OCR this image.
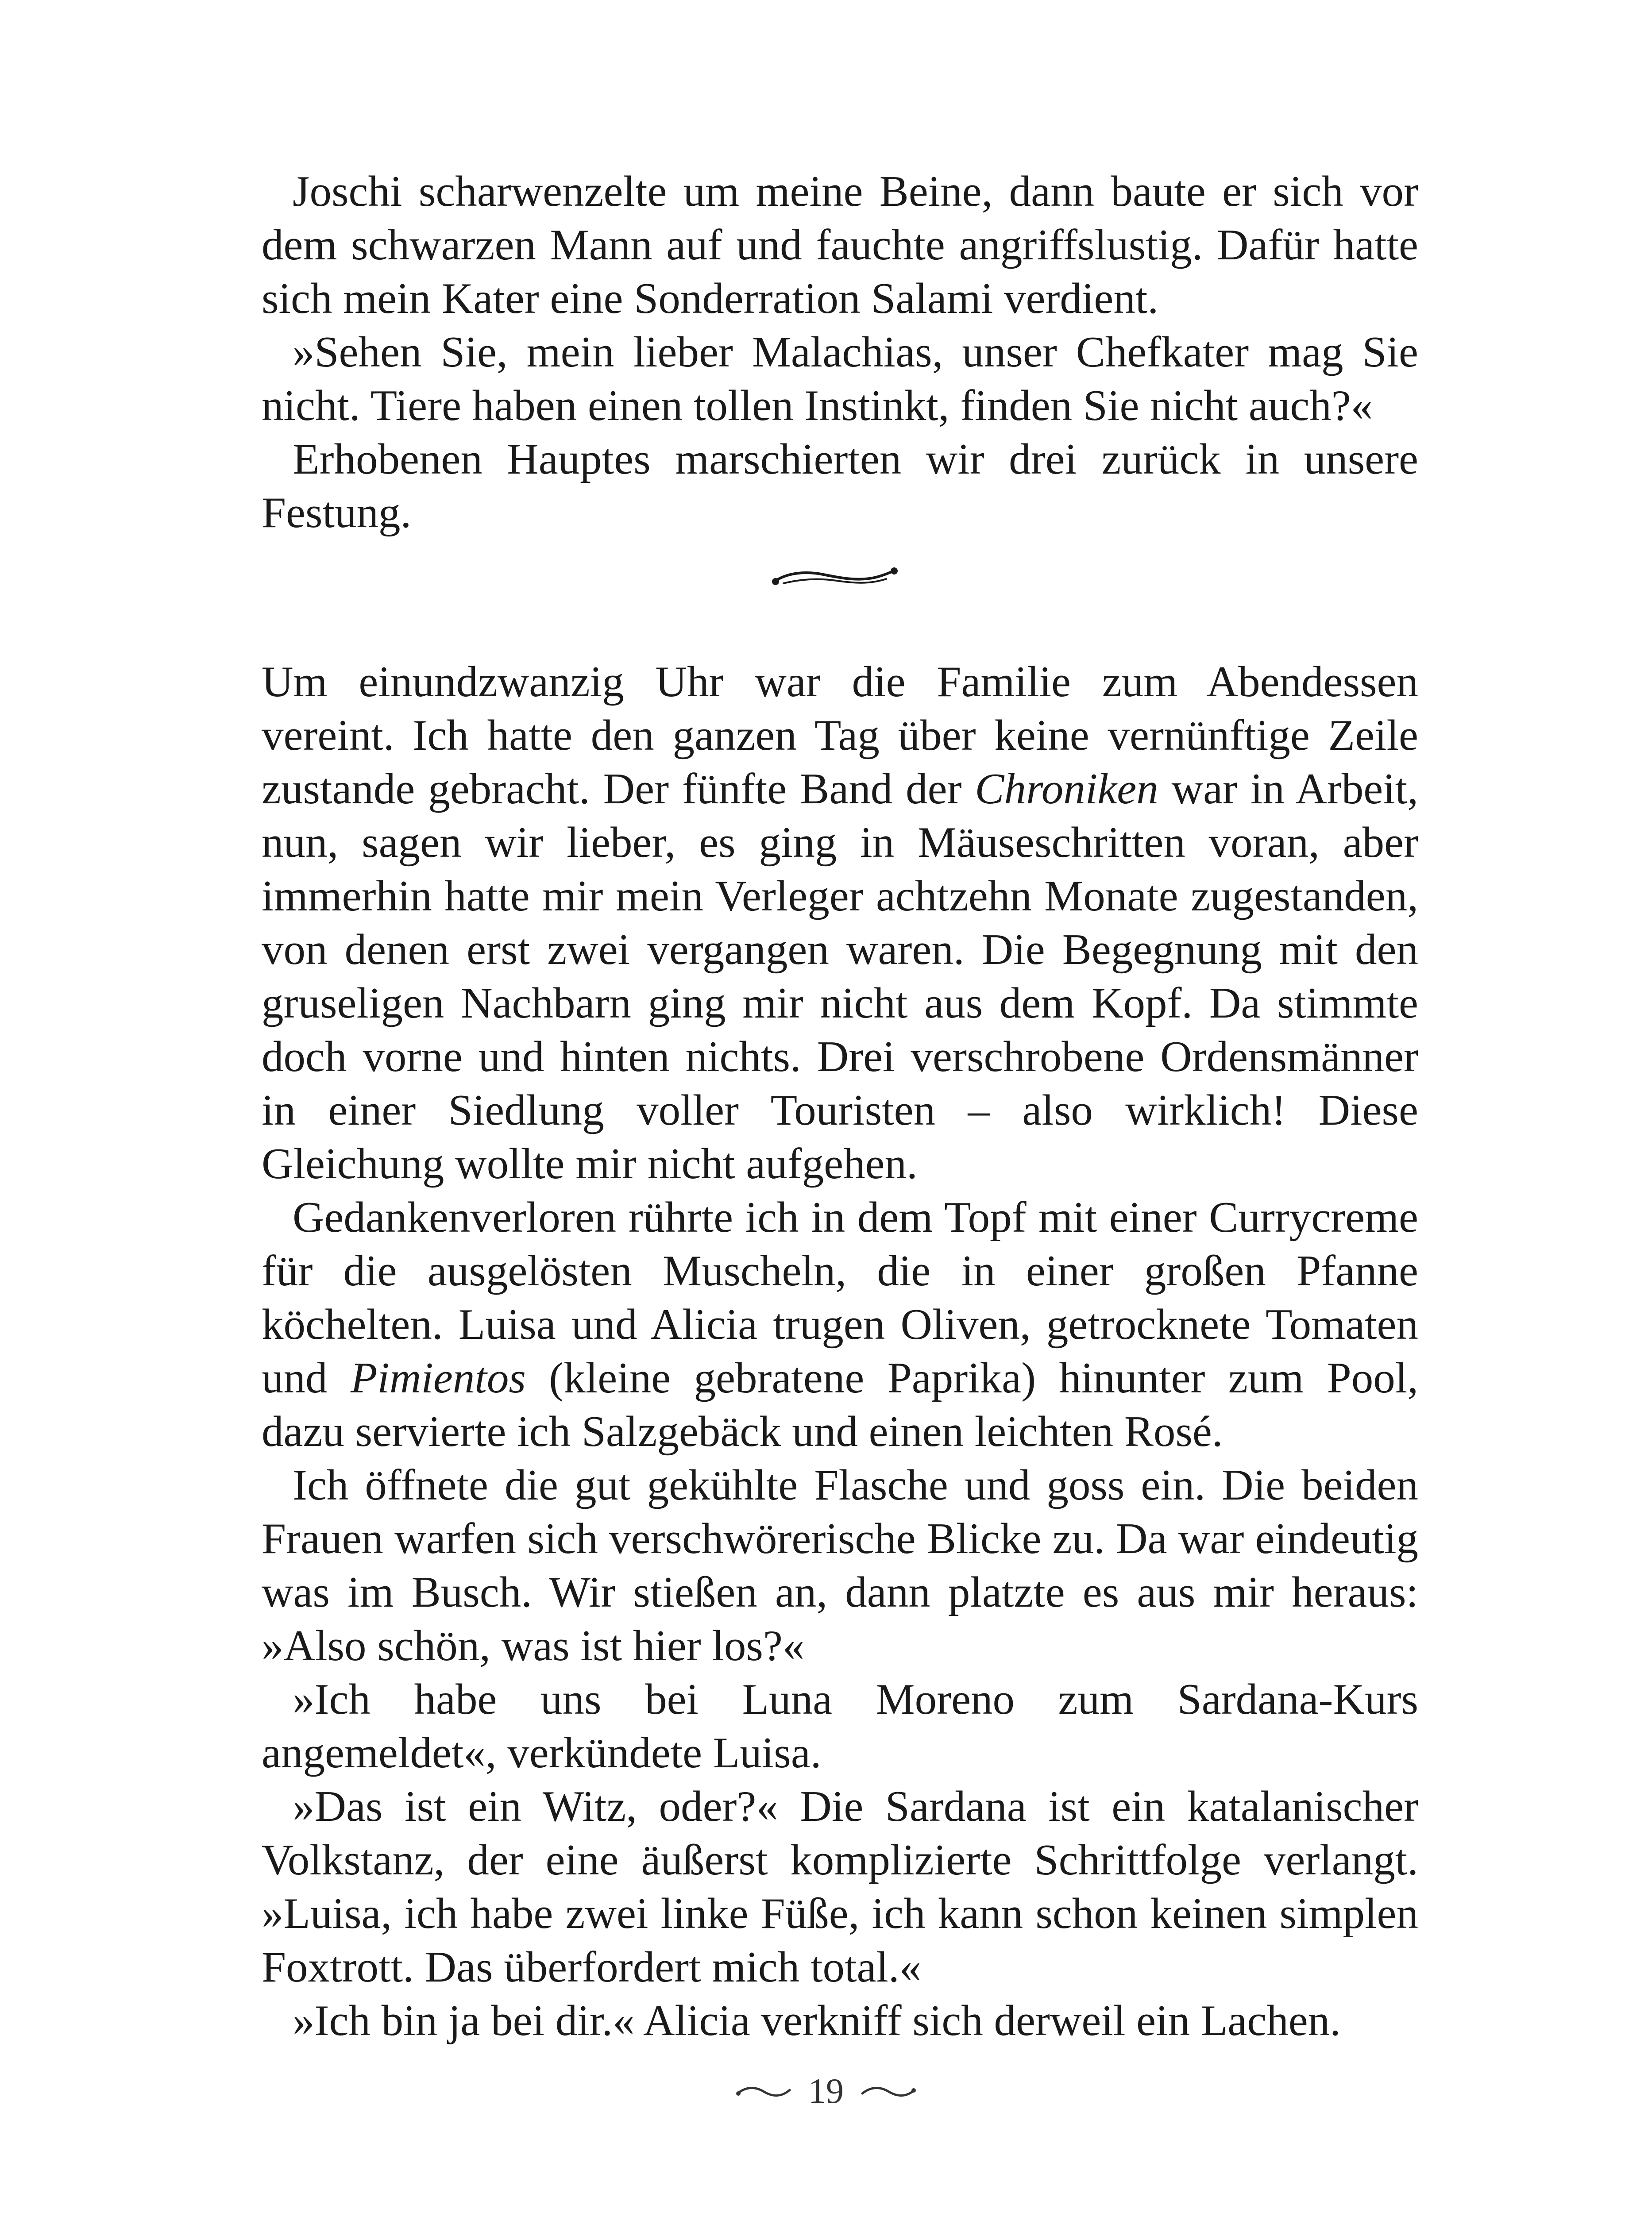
Joschi scharwenzelte um meine Beine, dann baute er sich vor dem schwarzen Mann auf und fauchte angriffslustig. Dafür hatte sich mein Kater eine Sonderration Salami verdient.

»Sehen Sie, mein lieber Malachias, unser Chefkater mag Sie nicht. Tiere haben einen tollen Instinkt, finden Sie nicht auch?«

Erhobenen Hauptes marschierten wir drei zurück in unsere Festung.

Um einundzwanzig Uhr war die Familie zum Abendessen vereint. Ich hatte den ganzen Tag über keine vernünftige Zeile zustande gebracht. Der fünfte Band der Chroniken war in Arbeit, nun, sagen wir lieber, es ging in Mäuseschritten voran, aber immerhin hatte mir mein Verleger achtzehn Monate zugestanden, von denen erst zwei vergangen waren. Die Begegnung mit den gruseligen Nachbarn ging mir nicht aus dem Kopf. Da stimmte doch vorne und hinten nichts. Drei verschrobene Ordensmänner in einer Siedlung voller Touristen – also wirklich! Diese Gleichung wollte mir nicht aufgehen.

Gedankenverloren rührte ich in dem Topf mit einer Currycreme für die ausgelösten Muscheln, die in einer großen Pfanne köchelten. Luisa und Alicia trugen Oliven, getrocknete Tomaten und Pimientos (kleine gebratene Paprika) hinunter zum Pool, dazu servierte ich Salzgebäck und einen leichten Rosé.

Ich öffnete die gut gekühlte Flasche und goss ein. Die beiden Frauen warfen sich verschwörerische Blicke zu. Da war eindeutig was im Busch. Wir stießen an, dann platzte es aus mir heraus: »Also schön, was ist hier los?«

»Ich habe uns bei Luna Moreno zum Sardana-Kurs angemeldet«, verkündete Luisa.

»Das ist ein Witz, oder?« Die Sardana ist ein katalanischer Volkstanz, der eine äußerst komplizierte Schrittfolge verlangt. »Luisa, ich habe zwei linke Füße, ich kann schon keinen simplen Foxtrott. Das überfordert mich total.«

»Ich bin ja bei dir.« Alicia verkniff sich derweil ein Lachen.

19
